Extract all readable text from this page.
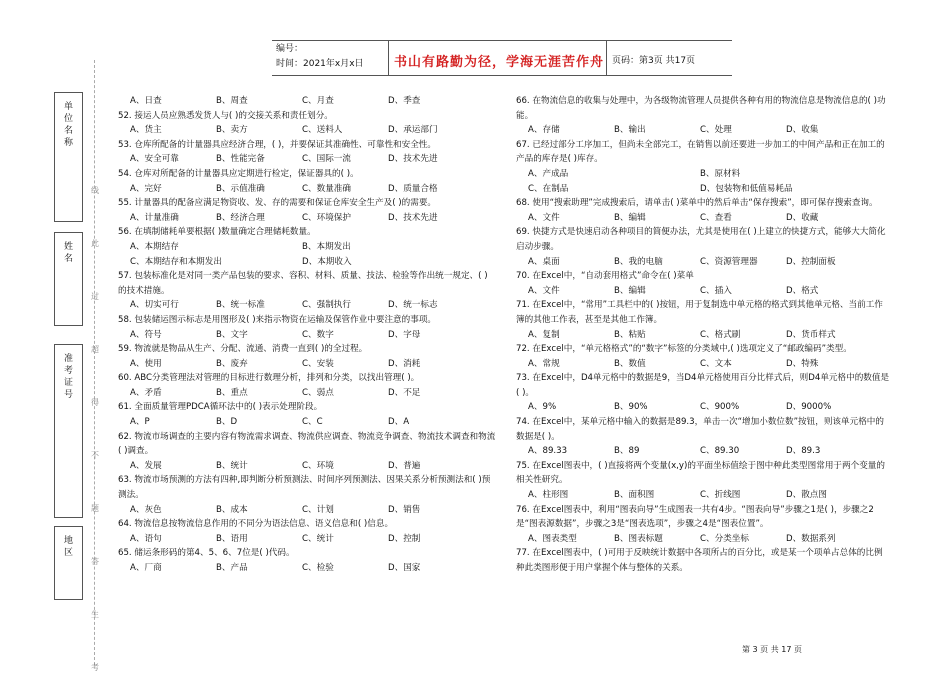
编号：
时间：2021年x月x日 书山有路勤为径，学海无涯苦作舟 页码：第3页 共17页
单
位
名
称
姓
名
准
考
证
号
地
区
线
此
过
超
得
不
题
答
生
考
A、日查	B、周查	C、月查	D、季查
52. 接运人员应熟悉发货人与( )的交接关系和责任划分。
A、货主	B、卖方	C、送料人	D、承运部门
53. 仓库所配备的计量器具应经济合理，( )，并要保证其准确性、可靠性和安全性。
A、安全可靠	B、性能完备	C、国际一流	D、技术先进
54. 仓库对所配备的计量器具应定期进行检定，保证器具的( )。
A、完好	B、示值准确	C、数量准确	D、质量合格
55. 计量器具的配备应满足物资收、发、存的需要和保证仓库安全生产及( )的需要。
A、计量准确	B、经济合理	C、环境保护	D、技术先进
56. 在填制储耗单要根据( )数量确定合理储耗数量。
A、本期结存	B、本期发出
C、本期结存和本期发出	D、本期收入
57. 包装标准化是对同一类产品包装的要求、容积、材料、质量、技法、检验等作出统一规定、( )的技术措施。
A、切实可行	B、统一标准	C、强制执行	D、统一标志
58. 包装储运图示标志是用图形及( )来指示物资在运输及保管作业中要注意的事项。
A、符号	B、文字	C、数字	D、字母
59. 物流就是物品从生产、分配、流通、消费一直到( )的全过程。
A、使用	B、废弃	C、安装	D、消耗
60. ABC分类管理法对管理的目标进行数理分析，排列和分类，以找出管理( )。
A、矛盾	B、重点	C、弱点	D、不足
61. 全面质量管理PDCA循环法中的( )表示处理阶段。
A、P	B、D	C、C	D、A
62. 物流市场调查的主要内容有物流需求调查、物流供应调查、物流竞争调查、物流技术调查和物流( )调查。
A、发展	B、统计	C、环境	D、普遍
63. 物流市场预测的方法有四种,即判断分析预测法、时间序列预测法、因果关系分析预测法和( )预测法。
A、灰色	B、成本	C、计划	D、销售
64. 物流信息按物流信息作用的不同分为语法信息、语义信息和( )信息。
A、语句	B、语用	C、统计	D、控制
65. 储运条形码的第4、5、6、7位是( )代码。
A、厂商	B、产品	C、检验	D、国家
66. 在物流信息的收集与处理中，为各级物流管理人员提供各种有用的物流信息是物流信息的( )功能。
A、存储	B、输出	C、处理	D、收集
67. 已经过部分工序加工，但尚未全部完工，在销售以前还要进一步加工的中间产品和正在加工的产品的库存是( )库存。
A、产成品	B、原材料
C、在制品	D、包装物和低值易耗品
68. 使用“搜索助理”完成搜索后，请单击( )菜单中的然后单击“保存搜索”，即可保存搜索查询。
A、文件	B、编辑	C、查看	D、收藏
69. 快捷方式是快速启动各种项目的简便办法，尤其是使用在( )上建立的快捷方式，能够大大简化启动步骤。
A、桌面	B、我的电脑	C、资源管理器	D、控制面板
70. 在Excel中，“自动套用格式”命令在( )菜单
A、文件	B、编辑	C、插入	D、格式
71. 在Excel中，“常用”工具栏中的( )按钮，用于复制选中单元格的格式到其他单元格、当前工作簿的其他工作表，甚至是其他工作簿。
A、复制	B、粘贴	C、格式刷	D、货币样式
72. 在Excel中，“单元格格式”的“数字”标签的分类域中,( )选项定义了“邮政编码”类型。
A、常规	B、数值	C、文本	D、特殊
73. 在Excel中，D4单元格中的数据是9，当D4单元格使用百分比样式后，则D4单元格中的数值是( )。
A、9%	B、90%	C、900%	D、9000%
74. 在Excel中，某单元格中输入的数据是89.3，单击一次“增加小数位数”按钮，则该单元格中的数据是( )。
A、89.33	B、89	C、89.30	D、89.3
75. 在Excel图表中，( )直接将两个变量(x,y)的平面坐标值绘于图中种此类型图常用于两个变量的相关性研究。
A、柱形图	B、面积图	C、折线图	D、散点图
76. 在Excel图表中，利用“图表向导”生成图表一共有4步。“图表向导”步骤之1是( )，步骤之2是“图表源数据”，步骤之3是“图表选项”，步骤之4是“图表位置”。
A、图表类型	B、图表标题	C、分类坐标	D、数据系列
77. 在Excel图表中，( )可用于反映统计数据中各项所占的百分比，或是某一个项单占总体的比例种此类图形便于用户掌握个体与整体的关系。
第 3 页 共 17 页
